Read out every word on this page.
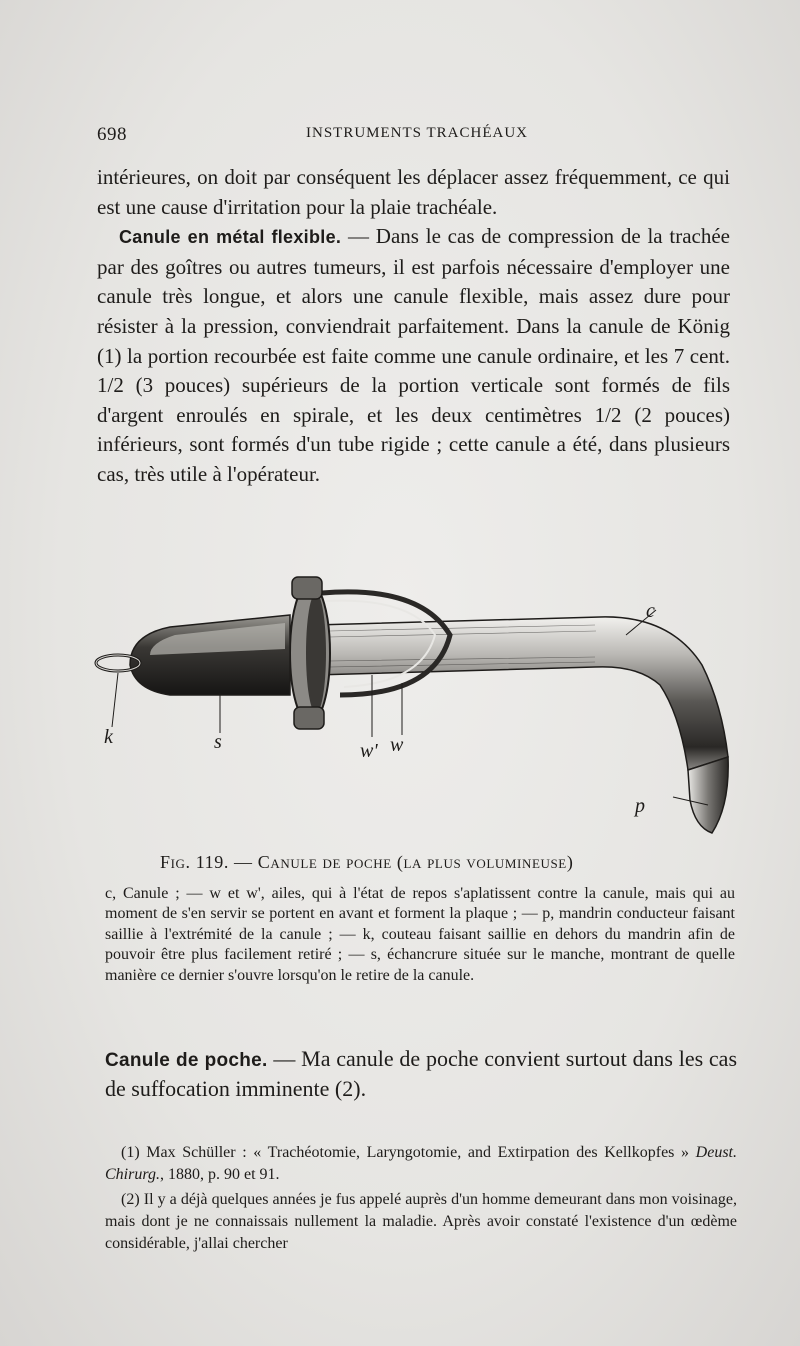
698	INSTRUMENTS TRACHÉAUX

intérieures, on doit par conséquent les déplacer assez fréquemment, ce qui est une cause d'irritation pour la plaie trachéale.

Canule en métal flexible. — Dans le cas de compression de la trachée par des goîtres ou autres tumeurs, il est parfois nécessaire d'employer une canule très longue, et alors une canule flexible, mais assez dure pour résister à la pression, conviendrait parfaitement. Dans la canule de König (1) la portion recourbée est faite comme une canule ordinaire, et les 7 cent. 1/2 (3 pouces) supérieurs de la portion verticale sont formés de fils d'argent enroulés en spirale, et les deux centimètres 1/2 (2 pouces) inférieurs, sont formés d'un tube rigide ; cette canule a été, dans plusieurs cas, très utile à l'opérateur.

c
p
k	s	w' w
Fig. 119. — Canule de poche (la plus volumineuse)
c, Canule ; — w et w', ailes, qui à l'état de repos s'aplatissent contre la canule, mais qui au moment de s'en servir se portent en avant et forment la plaque ; — p, mandrin conducteur faisant saillie à l'extrémité de la canule ; — k, couteau faisant saillie en dehors du mandrin afin de pouvoir être plus facilement retiré ; — s, échancrure située sur le manche, montrant de quelle manière ce dernier s'ouvre lorsqu'on le retire de la canule.
Canule de poche. — Ma canule de poche convient surtout dans les cas de suffocation imminente (2).

(1) Max Schüller : « Trachéotomie, Laryngotomie, and Extirpation des Kellkopfes » Deust. Chirurg., 1880, p. 90 et 91.

(2) Il y a déjà quelques années je fus appelé auprès d'un homme demeurant dans mon voisinage, mais dont je ne connaissais nullement la maladie. Après avoir constaté l'existence d'un œdème considérable, j'allai chercher
